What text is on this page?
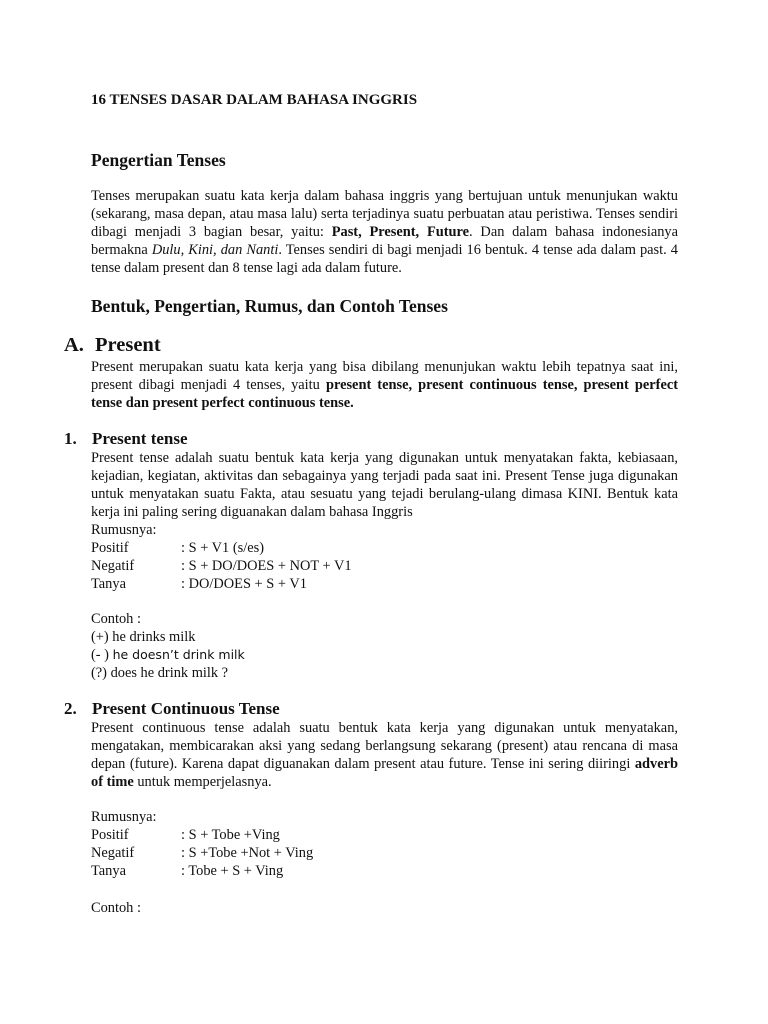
16 TENSES DASAR DALAM BAHASA INGGRIS
Pengertian Tenses

Tenses merupakan suatu kata kerja dalam bahasa inggris yang bertujuan untuk menunjukan waktu (sekarang, masa depan, atau masa lalu) serta terjadinya suatu perbuatan atau peristiwa. Tenses sendiri dibagi menjadi 3 bagian besar, yaitu: Past, Present, Future. Dan dalam bahasa indonesianya bermakna Dulu, Kini, dan Nanti. Tenses sendiri di bagi menjadi 16 bentuk. 4 tense ada dalam past. 4 tense dalam present dan 8 tense lagi ada dalam future.

Bentuk, Pengertian, Rumus, dan Contoh Tenses
A. Present

Present merupakan suatu kata kerja yang bisa dibilang menunjukan waktu lebih tepatnya saat ini, present dibagi menjadi 4 tenses, yaitu present tense, present continuous tense, present perfect tense dan present perfect continuous tense.

1. Present tense

Present tense adalah suatu bentuk kata kerja yang digunakan untuk menyatakan fakta, kebiasaan, kejadian, kegiatan, aktivitas dan sebagainya yang terjadi pada saat ini. Present Tense juga digunakan untuk menyatakan suatu Fakta, atau sesuatu yang tejadi berulang-ulang dimasa KINI. Bentuk kata kerja ini paling sering diguanakan dalam bahasa Inggris

Rumusnya:
Positif	: S + V1 (s/es)
Negatif	: S + DO/DOES + NOT + V1
Tanya	: DO/DOES + S + V1
Contoh :
(+) he drinks milk
(- ) he doesn’t drink milk
(?) does he drink milk ?
2. Present Continuous Tense

Present continuous tense adalah suatu bentuk kata kerja yang digunakan untuk menyatakan, mengatakan, membicarakan aksi yang sedang berlangsung sekarang (present) atau rencana di masa depan (future). Karena dapat diguanakan dalam present atau future. Tense ini sering diiringi adverb of time untuk memperjelasnya.

Rumusnya:
Positif	: S + Tobe +Ving
Negatif	: S +Tobe +Not + Ving
Tanya	: Tobe + S + Ving
Contoh :
